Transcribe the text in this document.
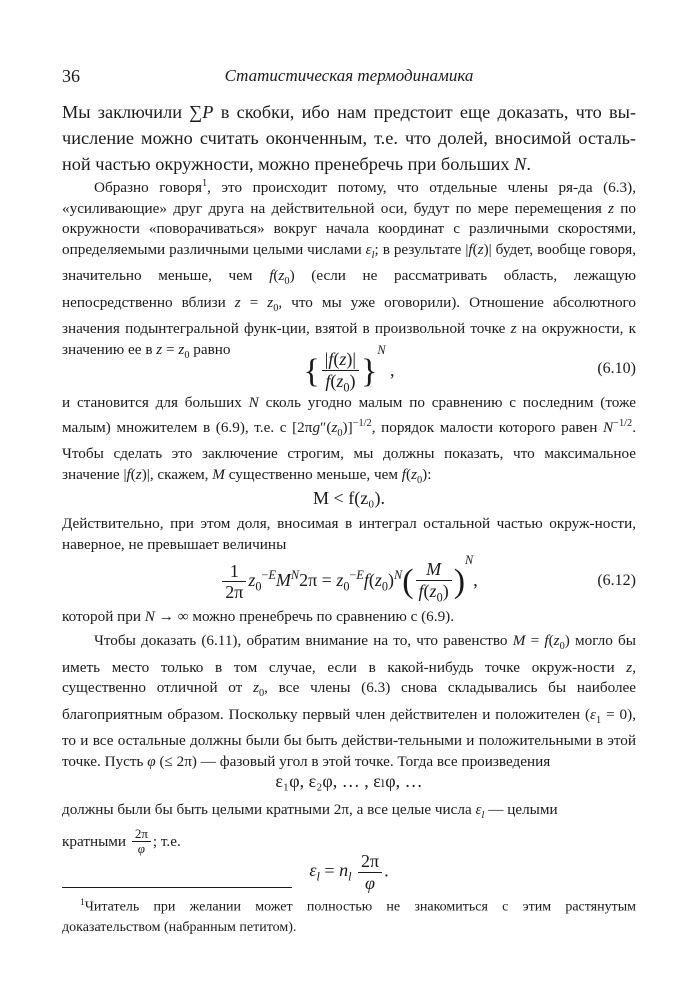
36	Статистическая термодинамика

Мы заключили ∑P в скобки, ибо нам предстоит еще доказать, что вы-числение можно считать оконченным, т.е. что долей, вносимой осталь-ной частью окружности, можно пренебречь при больших N.

Образно говоря$^1$, это происходит потому, что отдельные члены ря-да (6.3), «усиливающие» друг друга на действительной оси, будут по мере перемещения z по окружности «поворачиваться» вокруг начала координат с различными скоростями, определяемыми различными целыми числами $\varepsilon_l$; в результате |f(z)| будет, вообще говоря, значительно меньше, чем $f(z_0)$ (если не рассматривать область, лежащую непосредственно вблизи $z = z_0$, что мы уже оговорили). Отношение абсолютного значения подынтегральной функ-ции, взятой в произвольной точке z на окружности, к значению ее в $z = z_0$ равно

{ $\frac{|f(z)|}{f(z_0)} \}^N$ ,	(6.10)

и становится для больших N сколь угодно малым по сравнению с последним (тоже малым) множителем в (6.9), т.е. с $[2\pi g''(z_0)]^{-1/2}$, порядок малости которого равен $N^{-1/2}$. Чтобы сделать это заключение строгим, мы должны показать, что максимальное значение |f(z)|, скажем, M существенно меньше, чем $f(z_0)$:

M < f(z₀).

Действительно, при этом доля, вносимая в интеграл остальной частью окруж-ности, наверное, не превышает величины

$\frac{1}{2\pi} z_0^{-E}M^N2\pi = z_0^{-E}f(z_0)^N( \frac{M}{f(z_0)} )^N$,	(6.12)

которой при N → ∞ можно пренебречь по сравнению с (6.9).

Чтобы доказать (6.11), обратим внимание на то, что равенство $M = f(z_0)$ могло бы иметь место только в том случае, если в какой-нибудь точке окруж-ности z, существенно отличной от $z_0$, все члены (6.3) снова складывались бы наиболее благоприятным образом. Поскольку первый член действителен и положителен $(\varepsilon_1 = 0)$, то и все остальные должны были бы быть действи-тельными и положительными в этой точке. Пусть φ (≤ 2π) — фазовый угол в этой точке. Тогда все произведения

ε₁φ, ε₂φ, … , εₗφ, …

должны были бы быть целыми кратными 2π, а все целые числа $\varepsilon_l$ — целыми
кратными $\frac{2\pi}{\varphi}$ ; т.е.

$\varepsilon_l = n_l \frac{2\pi}{\varphi}$ .

$^1$Читатель при желании может полностью не знакомиться с этим растянутым доказательством (набранным петитом).
